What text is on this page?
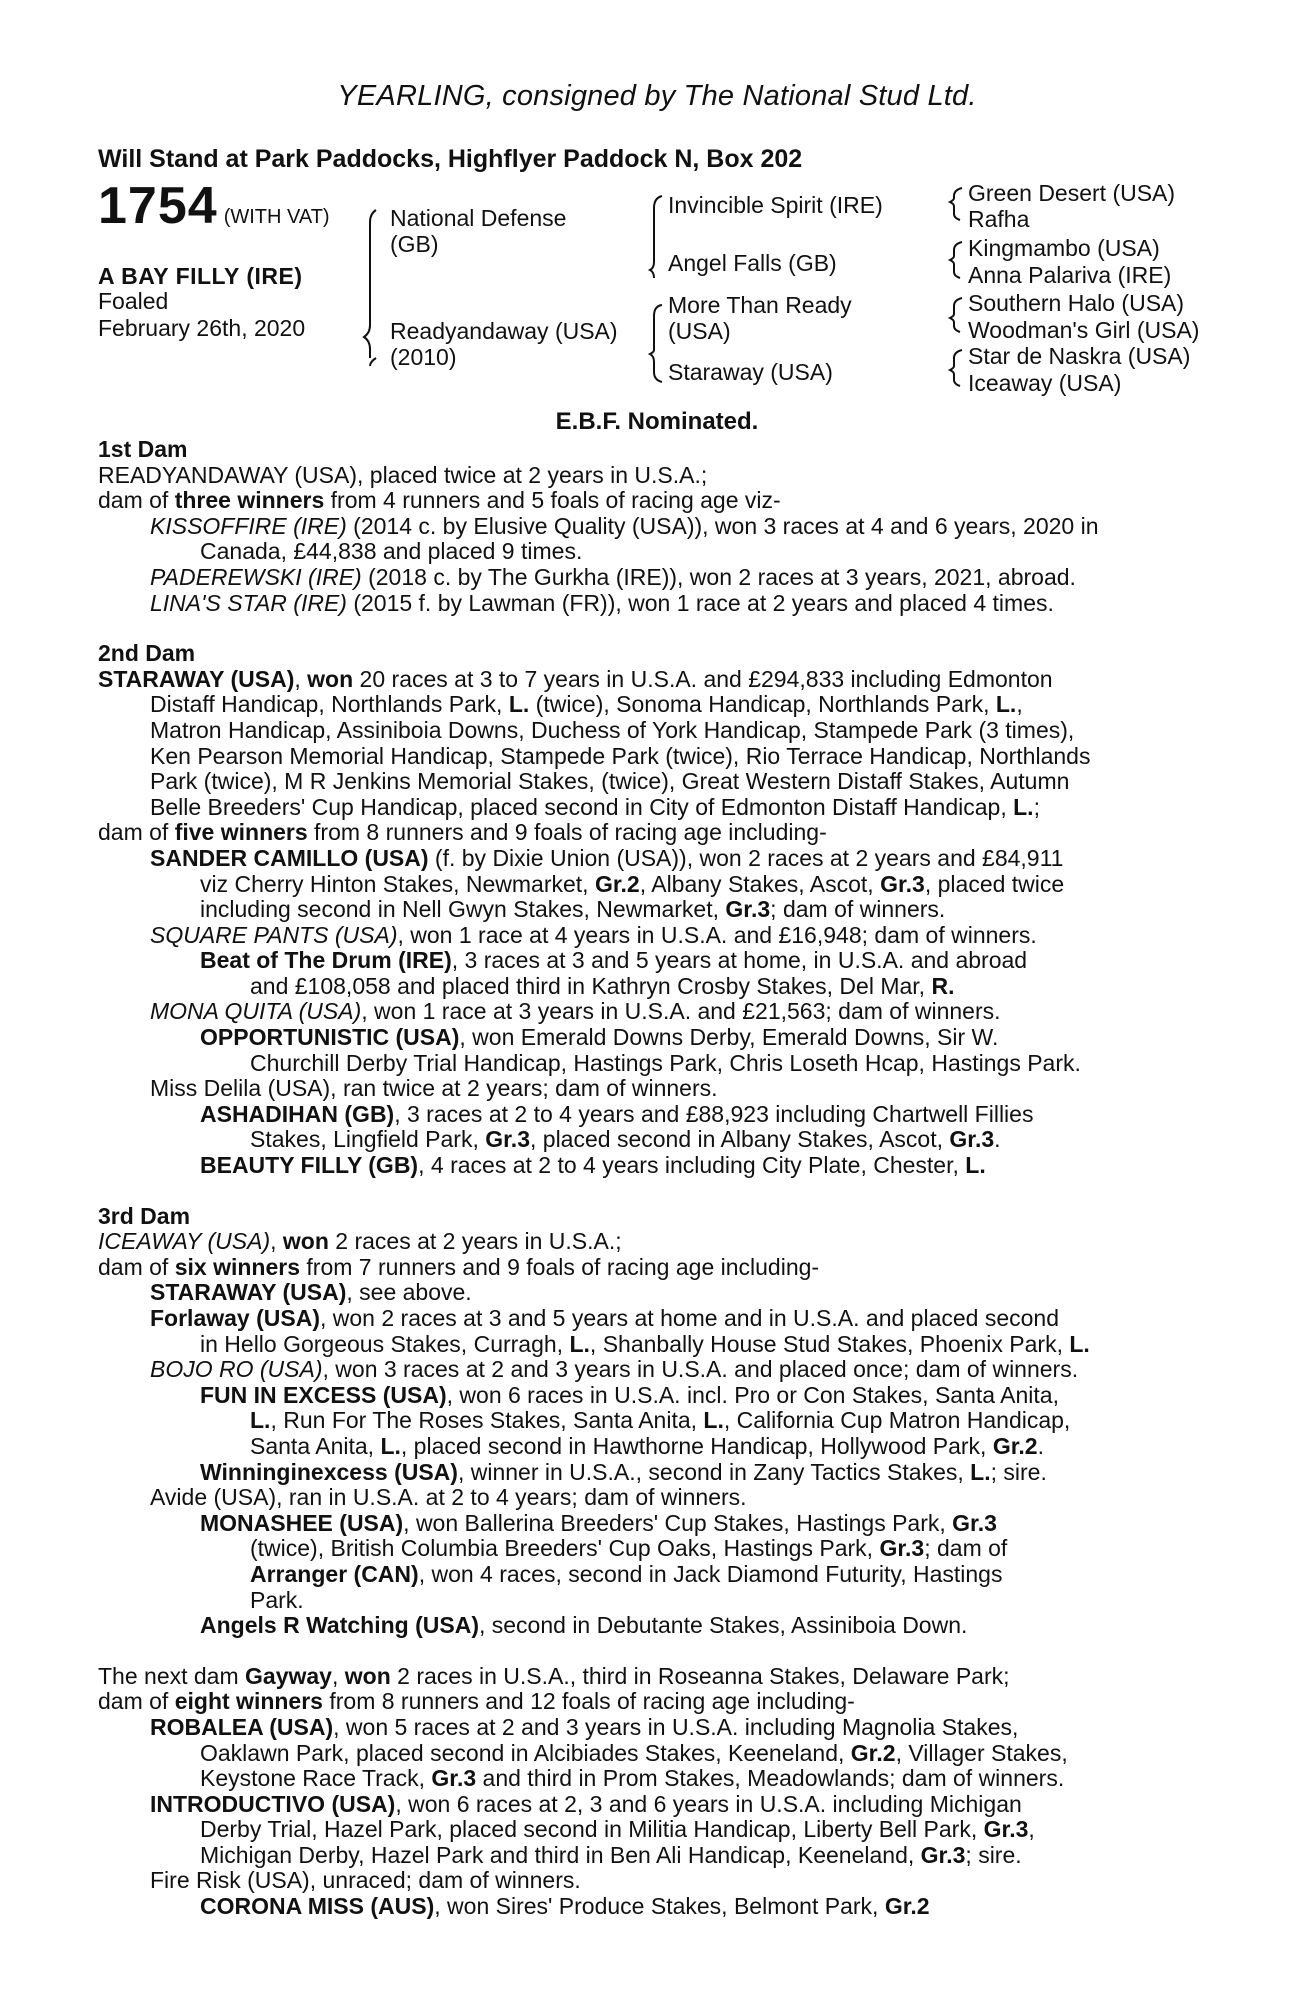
YEARLING, consigned by The National Stud Ltd.
Will Stand at Park Paddocks, Highflyer Paddock N, Box 202
1754 (WITH VAT)
A BAY FILLY (IRE)
Foaled
February 26th, 2020
National Defense
(GB)
Readyandaway (USA)
(2010)
Invincible Spirit (IRE)
Angel Falls (GB)
More Than Ready
(USA)
Staraway (USA)
Green Desert (USA)
Rafha
Kingmambo (USA)
Anna Palariva (IRE)
Southern Halo (USA)
Woodman's Girl (USA)
Star de Naskra (USA)
Iceaway (USA)
E.B.F. Nominated.
1st Dam
READYANDAWAY (USA), placed twice at 2 years in U.S.A.;
dam of three winners from 4 runners and 5 foals of racing age viz-
KISSOFFIRE (IRE) (2014 c. by Elusive Quality (USA)), won 3 races at 4 and 6 years, 2020 in
Canada, £44,838 and placed 9 times.
PADEREWSKI (IRE) (2018 c. by The Gurkha (IRE)), won 2 races at 3 years, 2021, abroad.
LINA'S STAR (IRE) (2015 f. by Lawman (FR)), won 1 race at 2 years and placed 4 times.
2nd Dam
STARAWAY (USA), won 20 races at 3 to 7 years in U.S.A. and £294,833 including Edmonton
Distaff Handicap, Northlands Park, L. (twice), Sonoma Handicap, Northlands Park, L.,
Matron Handicap, Assiniboia Downs, Duchess of York Handicap, Stampede Park (3 times),
Ken Pearson Memorial Handicap, Stampede Park (twice), Rio Terrace Handicap, Northlands
Park (twice), M R Jenkins Memorial Stakes, (twice), Great Western Distaff Stakes, Autumn
Belle Breeders' Cup Handicap, placed second in City of Edmonton Distaff Handicap, L.;
dam of five winners from 8 runners and 9 foals of racing age including-
SANDER CAMILLO (USA) (f. by Dixie Union (USA)), won 2 races at 2 years and £84,911
viz Cherry Hinton Stakes, Newmarket, Gr.2, Albany Stakes, Ascot, Gr.3, placed twice
including second in Nell Gwyn Stakes, Newmarket, Gr.3; dam of winners.
SQUARE PANTS (USA), won 1 race at 4 years in U.S.A. and £16,948; dam of winners.
Beat of The Drum (IRE), 3 races at 3 and 5 years at home, in U.S.A. and abroad
and £108,058 and placed third in Kathryn Crosby Stakes, Del Mar, R.
MONA QUITA (USA), won 1 race at 3 years in U.S.A. and £21,563; dam of winners.
OPPORTUNISTIC (USA), won Emerald Downs Derby, Emerald Downs, Sir W.
Churchill Derby Trial Handicap, Hastings Park, Chris Loseth Hcap, Hastings Park.
Miss Delila (USA), ran twice at 2 years; dam of winners.
ASHADIHAN (GB), 3 races at 2 to 4 years and £88,923 including Chartwell Fillies
Stakes, Lingfield Park, Gr.3, placed second in Albany Stakes, Ascot, Gr.3.
BEAUTY FILLY (GB), 4 races at 2 to 4 years including City Plate, Chester, L.
3rd Dam
ICEAWAY (USA), won 2 races at 2 years in U.S.A.;
dam of six winners from 7 runners and 9 foals of racing age including-
STARAWAY (USA), see above.
Forlaway (USA), won 2 races at 3 and 5 years at home and in U.S.A. and placed second
in Hello Gorgeous Stakes, Curragh, L., Shanbally House Stud Stakes, Phoenix Park, L.
BOJO RO (USA), won 3 races at 2 and 3 years in U.S.A. and placed once; dam of winners.
FUN IN EXCESS (USA), won 6 races in U.S.A. incl. Pro or Con Stakes, Santa Anita,
L., Run For The Roses Stakes, Santa Anita, L., California Cup Matron Handicap,
Santa Anita, L., placed second in Hawthorne Handicap, Hollywood Park, Gr.2.
Winninginexcess (USA), winner in U.S.A., second in Zany Tactics Stakes, L.; sire.
Avide (USA), ran in U.S.A. at 2 to 4 years; dam of winners.
MONASHEE (USA), won Ballerina Breeders' Cup Stakes, Hastings Park, Gr.3
(twice), British Columbia Breeders' Cup Oaks, Hastings Park, Gr.3; dam of
Arranger (CAN), won 4 races, second in Jack Diamond Futurity, Hastings
Park.
Angels R Watching (USA), second in Debutante Stakes, Assiniboia Down.
The next dam Gayway, won 2 races in U.S.A., third in Roseanna Stakes, Delaware Park;
dam of eight winners from 8 runners and 12 foals of racing age including-
ROBALEA (USA), won 5 races at 2 and 3 years in U.S.A. including Magnolia Stakes,
Oaklawn Park, placed second in Alcibiades Stakes, Keeneland, Gr.2, Villager Stakes,
Keystone Race Track, Gr.3 and third in Prom Stakes, Meadowlands; dam of winners.
INTRODUCTIVO (USA), won 6 races at 2, 3 and 6 years in U.S.A. including Michigan
Derby Trial, Hazel Park, placed second in Militia Handicap, Liberty Bell Park, Gr.3,
Michigan Derby, Hazel Park and third in Ben Ali Handicap, Keeneland, Gr.3; sire.
Fire Risk (USA), unraced; dam of winners.
CORONA MISS (AUS), won Sires' Produce Stakes, Belmont Park, Gr.2
